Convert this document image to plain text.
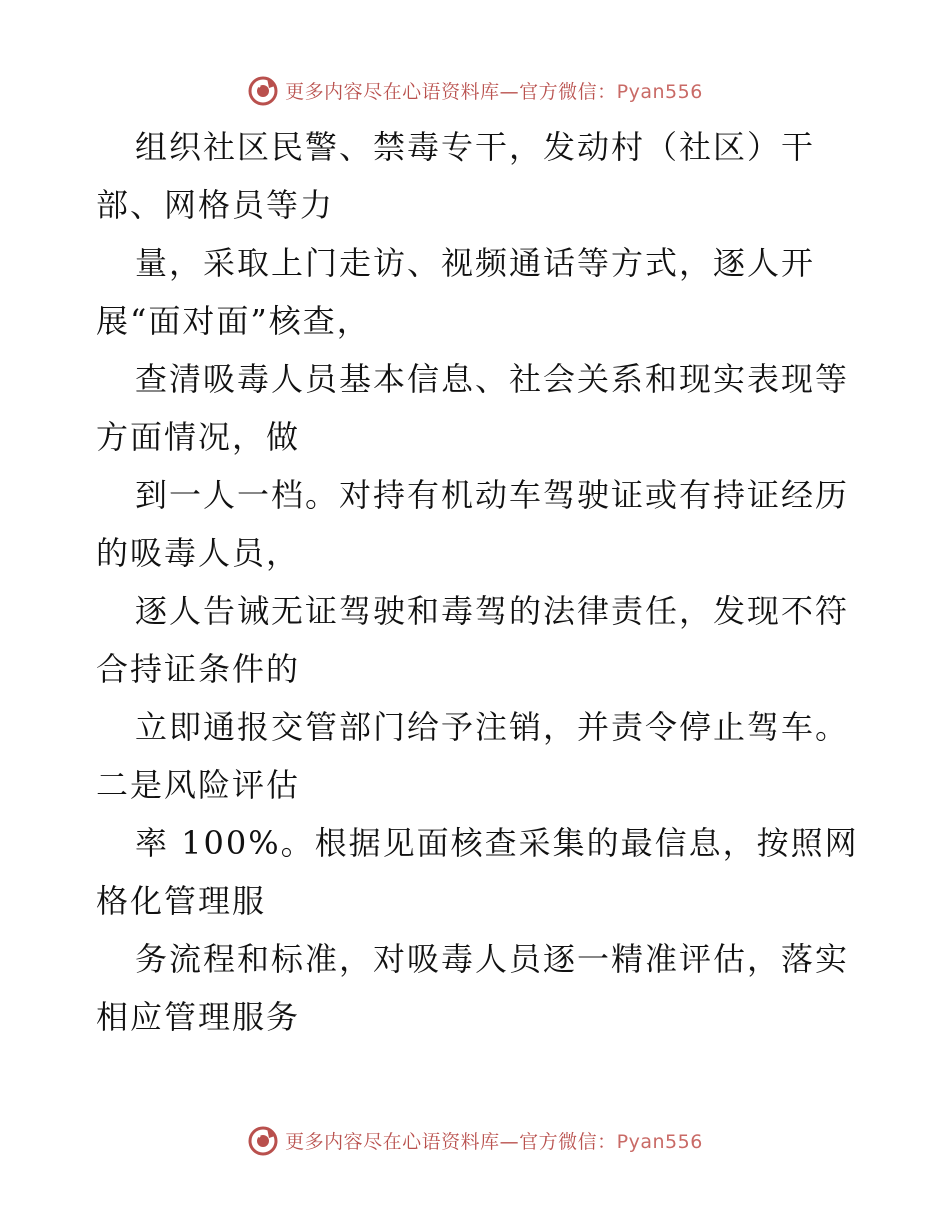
更多内容尽在心语资料库—官方微信：Pyan556
组织社区民警、禁毒专干，发动村（社区）干
部、网格员等力
量，采取上门走访、视频通话等方式，逐人开
展“面对面”核查，
查清吸毒人员基本信息、社会关系和现实表现等
方面情况，做
到一人一档。对持有机动车驾驶证或有持证经历
的吸毒人员，
逐人告诫无证驾驶和毒驾的法律责任，发现不符
合持证条件的
立即通报交管部门给予注销，并责令停止驾车。
二是风险评估
率 100%。根据见面核查采集的最信息，按照网
格化管理服
务流程和标准，对吸毒人员逐一精准评估，落实
相应管理服务
更多内容尽在心语资料库—官方微信：Pyan556
